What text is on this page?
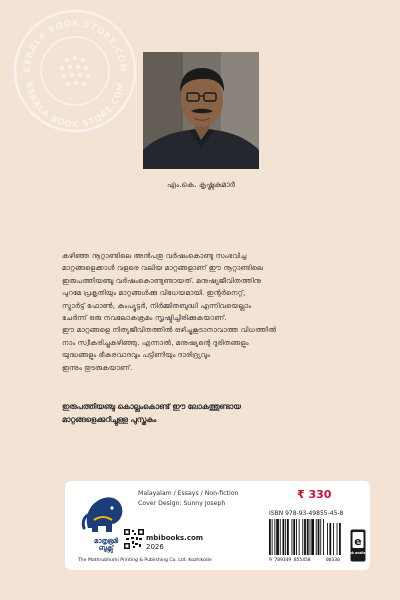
KERALA BOOK STORE.COM
KERALA BOOK STORE.COM
എം.കെ. കൃഷ്ണകുമാർ
കഴിഞ്ഞ നൂറ്റാണ്ടിലെ അൻപതു വർഷംകൊണ്ടു സംഭവിച്ച
മാറ്റങ്ങളെക്കാൾ വളരെ വലിയ മാറ്റങ്ങളാണ് ഈ നൂറ്റാണ്ടിലെ
ഇരുപത്തിയഞ്ചു വർഷംകൊണ്ടുണ്ടായത്. മനുഷ്യജീവിതത്തിനു
പുറമേ പ്രകൃതിയും മാറ്റങ്ങൾക്കു വിധേയമായി. ഇന്റർനെറ്റ്,
സ്മാർട്ട് ഫോൺ, കംപ്യൂട്ടർ, നിർമ്മിതബുദ്ധി എന്നിവയെല്ലാം
ചേർന്ന് ഒരു നവലോകക്രമം സൃഷ്ടിച്ചിരിക്കുകയാണ്.
ഈ മാറ്റങ്ങളെ നിത്യജീവിതത്തിൽ ഒഴിച്ചുകൂടാനാവാത്ത വിധത്തിൽ
നാം സ്വീകരിച്ചുകഴിഞ്ഞു. എന്നാൽ, മനുഷ്യന്റെ ദുരിതങ്ങളും
യുദ്ധങ്ങളും ഭീകരവാദവും പട്ടിണിയും ദാരിദ്ര്യവും
ഇന്നും തുടരുകയാണ്.
ഇരുപത്തിയഞ്ചു കൊല്ലംകൊണ്ട് ഈ ലോകത്തുണ്ടായ
മാറ്റങ്ങളെക്കുറിച്ചുള്ള പുസ്തകം
മാതൃഭൂമി
ബുക്സ്
mbibooks.com
2026
The Mathrubhumi Printing & Publishing Co. Ltd. Kozhikode
Malayalam / Essays / Non-fiction
Cover Design: Sunny Joseph
₹ 330
ISBN 978-93-49855-45-8
9 789349 855458	00330
e
Book available
